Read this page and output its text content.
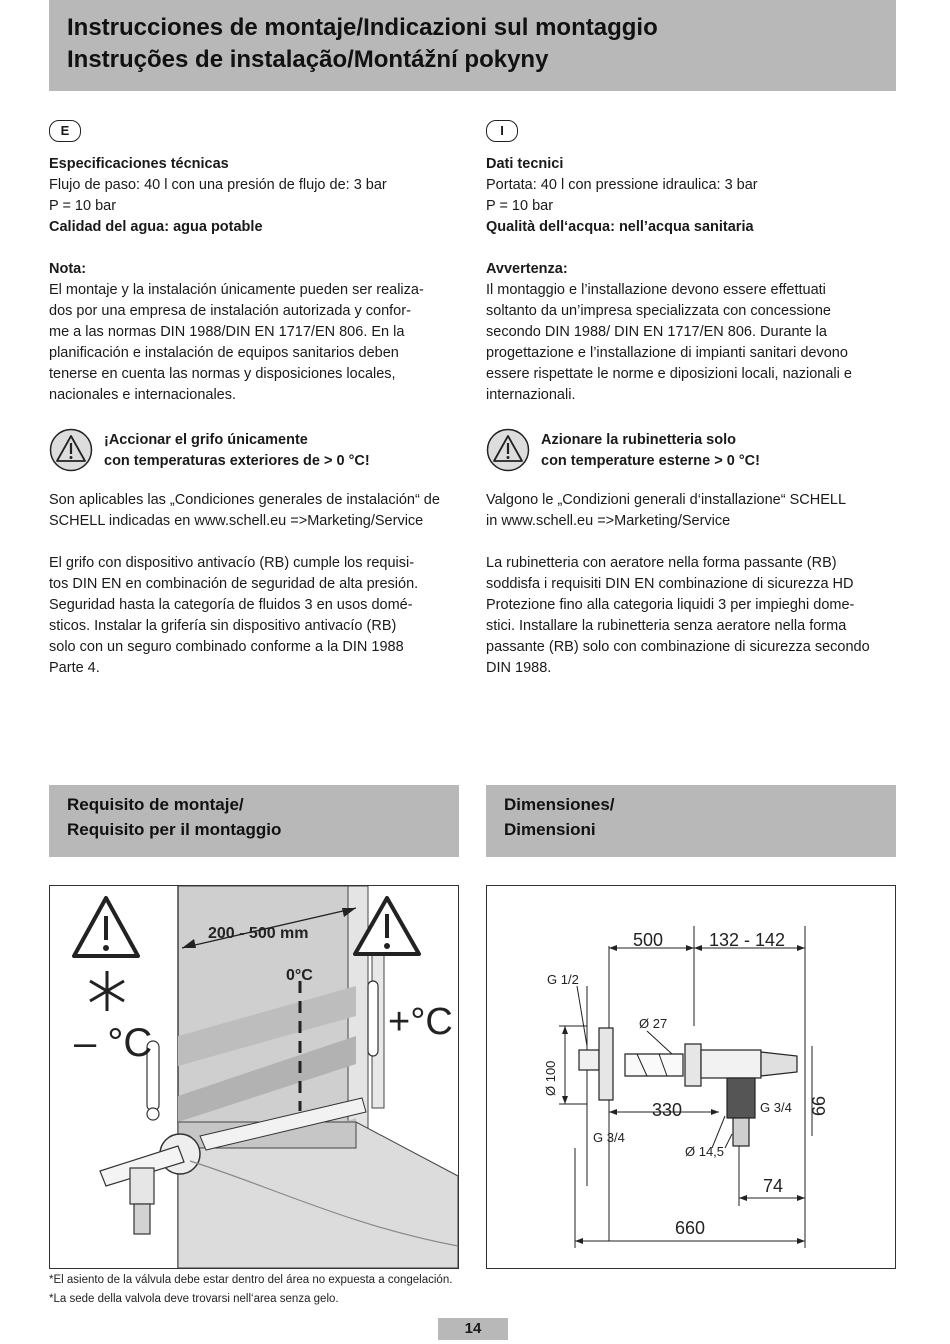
Instrucciones de montaje/Indicazioni sul montaggio
Instruções de instalação/Montážní pokyny
E

Especificaciones técnicas

Flujo de paso: 40 l con una presión de flujo de: 3 bar

P = 10 bar

Calidad del agua: agua potable

Nota:

El montaje y la instalación únicamente pueden ser realiza-

dos por una empresa de instalación autorizada y confor-

me a las normas DIN 1988/DIN EN 1717/EN 806. En la

planificación e instalación de equipos sanitarios deben

tenerse en cuenta las normas y disposiciones locales,

nacionales e internacionales.

¡Accionar el grifo únicamente
con temperaturas exteriores de > 0 °C!

Son aplicables las „Condiciones generales de instalación“ de

SCHELL indicadas en www.schell.eu =>Marketing/Service

El grifo con dispositivo antivacío (RB) cumple los requisi-

tos DIN EN en combinación de seguridad de alta presión.

Seguridad hasta la categoría de fluidos 3 en usos domé-

sticos. Instalar la grifería sin dispositivo antivacío (RB)

solo con un seguro combinado conforme a la DIN 1988

Parte 4.

I

Dati tecnici

Portata: 40 l con pressione idraulica: 3 bar

P = 10 bar

Qualità dell‘acqua: nell’acqua sanitaria

Avvertenza:

Il montaggio e l’installazione devono essere effettuati

soltanto da un’impresa specializzata con concessione

secondo DIN 1988/ DIN EN 1717/EN 806. Durante la

progettazione e l’installazione di impianti sanitari devono

essere rispettate le norme e diposizioni locali, nazionali e

internazionali.

Azionare la rubinetteria solo
con temperature esterne > 0 °C!

Valgono le „Condizioni generali d‘installazione“ SCHELL

in www.schell.eu =>Marketing/Service

La rubinetteria con aeratore nella forma passante (RB)

soddisfa i requisiti DIN EN combinazione di sicurezza HD

Protezione fino alla categoria liquidi 3 per impieghi dome-

stici. Installare la rubinetteria senza aeratore nella forma

passante (RB) solo con combinazione di sicurezza secondo

DIN 1988.

Requisito de montaje/
Requisito per il montaggio
Dimensiones/
Dimensioni
200 - 500 mm
0°C
– °C	+°C
500	132 - 142
G 1/2
Ø 27
Ø 100
330
G 3/4
G 3/4 66
Ø 14,5
74
660
*El asiento de la válvula debe estar dentro del área no expuesta a congelación.
*La sede della valvola deve trovarsi nell‘area senza gelo.
14
